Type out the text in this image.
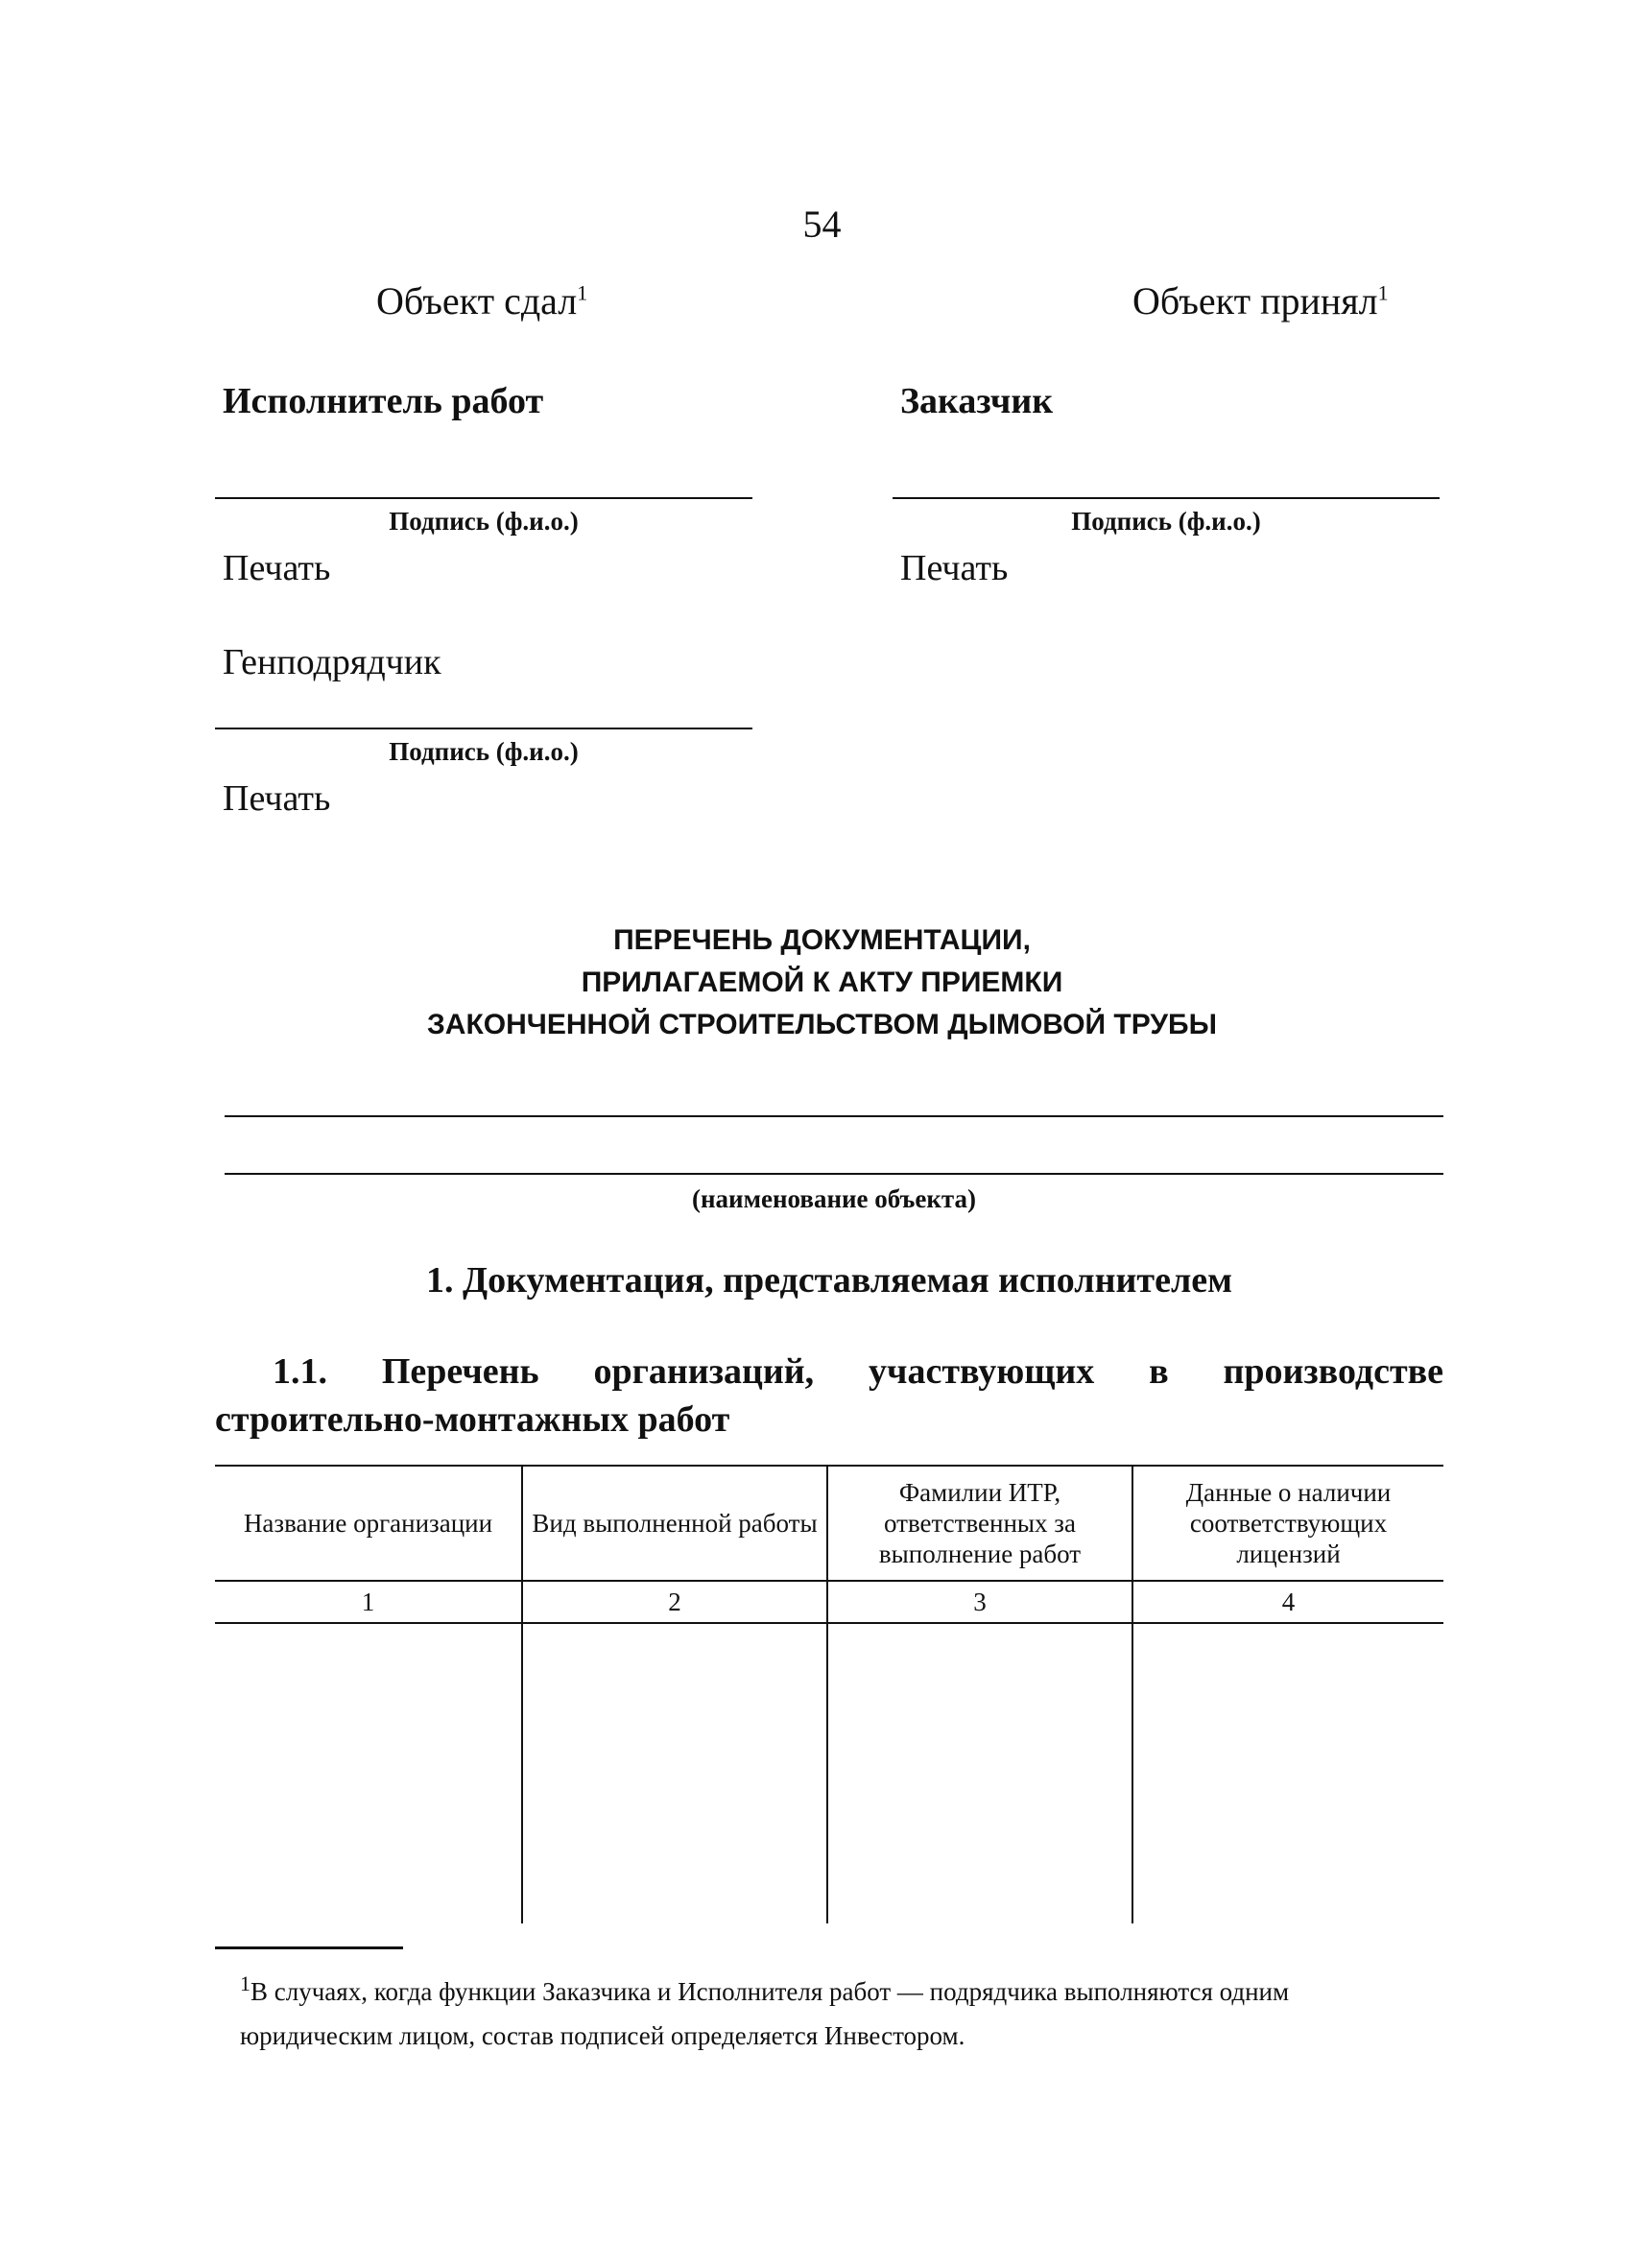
54
Объект сдал$^1$	Объект принял$^1$
Исполнитель работ	Заказчик
Подпись (ф.и.о.)	Подпись (ф.и.о.)
Печать	Печать
Генподрядчик
Подпись (ф.и.о.)
Печать
ПЕРЕЧЕНЬ ДОКУМЕНТАЦИИ,
ПРИЛАГАЕМОЙ К АКТУ ПРИЕМКИ
ЗАКОНЧЕННОЙ СТРОИТЕЛЬСТВОМ ДЫМОВОЙ ТРУБЫ
(наименование объекта)
1. Документация, представляемая исполнителем
1.1. Перечень организаций, участвующих в производстве строительно-монтажных работ
Название организации	Вид выполненной работы	Фамилии ИТР, ответственных за выполнение работ	Данные о наличии соответствующих лицензий
1	2	3	4

$^1$В случаях, когда функции Заказчика и Исполнителя работ — подрядчика выполняются одним юридическим лицом, состав подписей определяется Инвестором.
